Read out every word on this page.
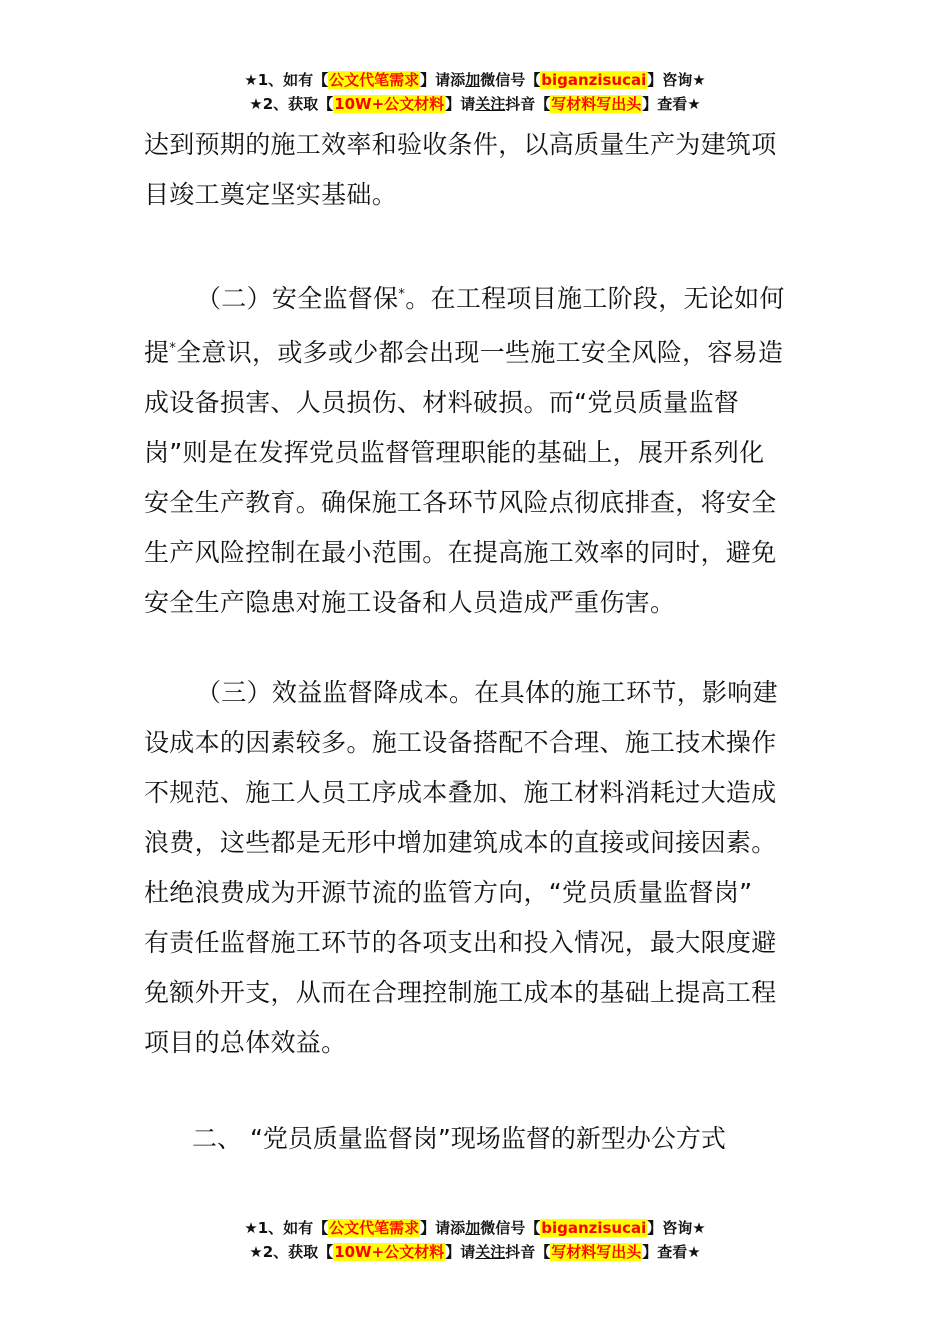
★1、如有【公文代笔需求】请添加微信号【biganzisucai】咨询★
★2、获取【10W+公文材料】请关注抖音【写材料写出头】查看★

达到预期的施工效率和验收条件，以高质量生产为建筑项
目竣工奠定坚实基础。

（二）安全监督保*。在工程项目施工阶段，无论如何
提*全意识，或多或少都会出现一些施工安全风险，容易造
成设备损害、人员损伤、材料破损。而“党员质量监督
岗”则是在发挥党员监督管理职能的基础上，展开系列化
安全生产教育。确保施工各环节风险点彻底排查，将安全
生产风险控制在最小范围。在提高施工效率的同时，避免
安全生产隐患对施工设备和人员造成严重伤害。

（三）效益监督降成本。在具体的施工环节，影响建
设成本的因素较多。施工设备搭配不合理、施工技术操作
不规范、施工人员工序成本叠加、施工材料消耗过大造成
浪费，这些都是无形中增加建筑成本的直接或间接因素。
杜绝浪费成为开源节流的监管方向，“党员质量监督岗”
有责任监督施工环节的各项支出和投入情况，最大限度避
免额外开支，从而在合理控制施工成本的基础上提高工程
项目的总体效益。

二、 “党员质量监督岗”现场监督的新型办公方式
★1、如有【公文代笔需求】请添加微信号【biganzisucai】咨询★
★2、获取【10W+公文材料】请关注抖音【写材料写出头】查看★
